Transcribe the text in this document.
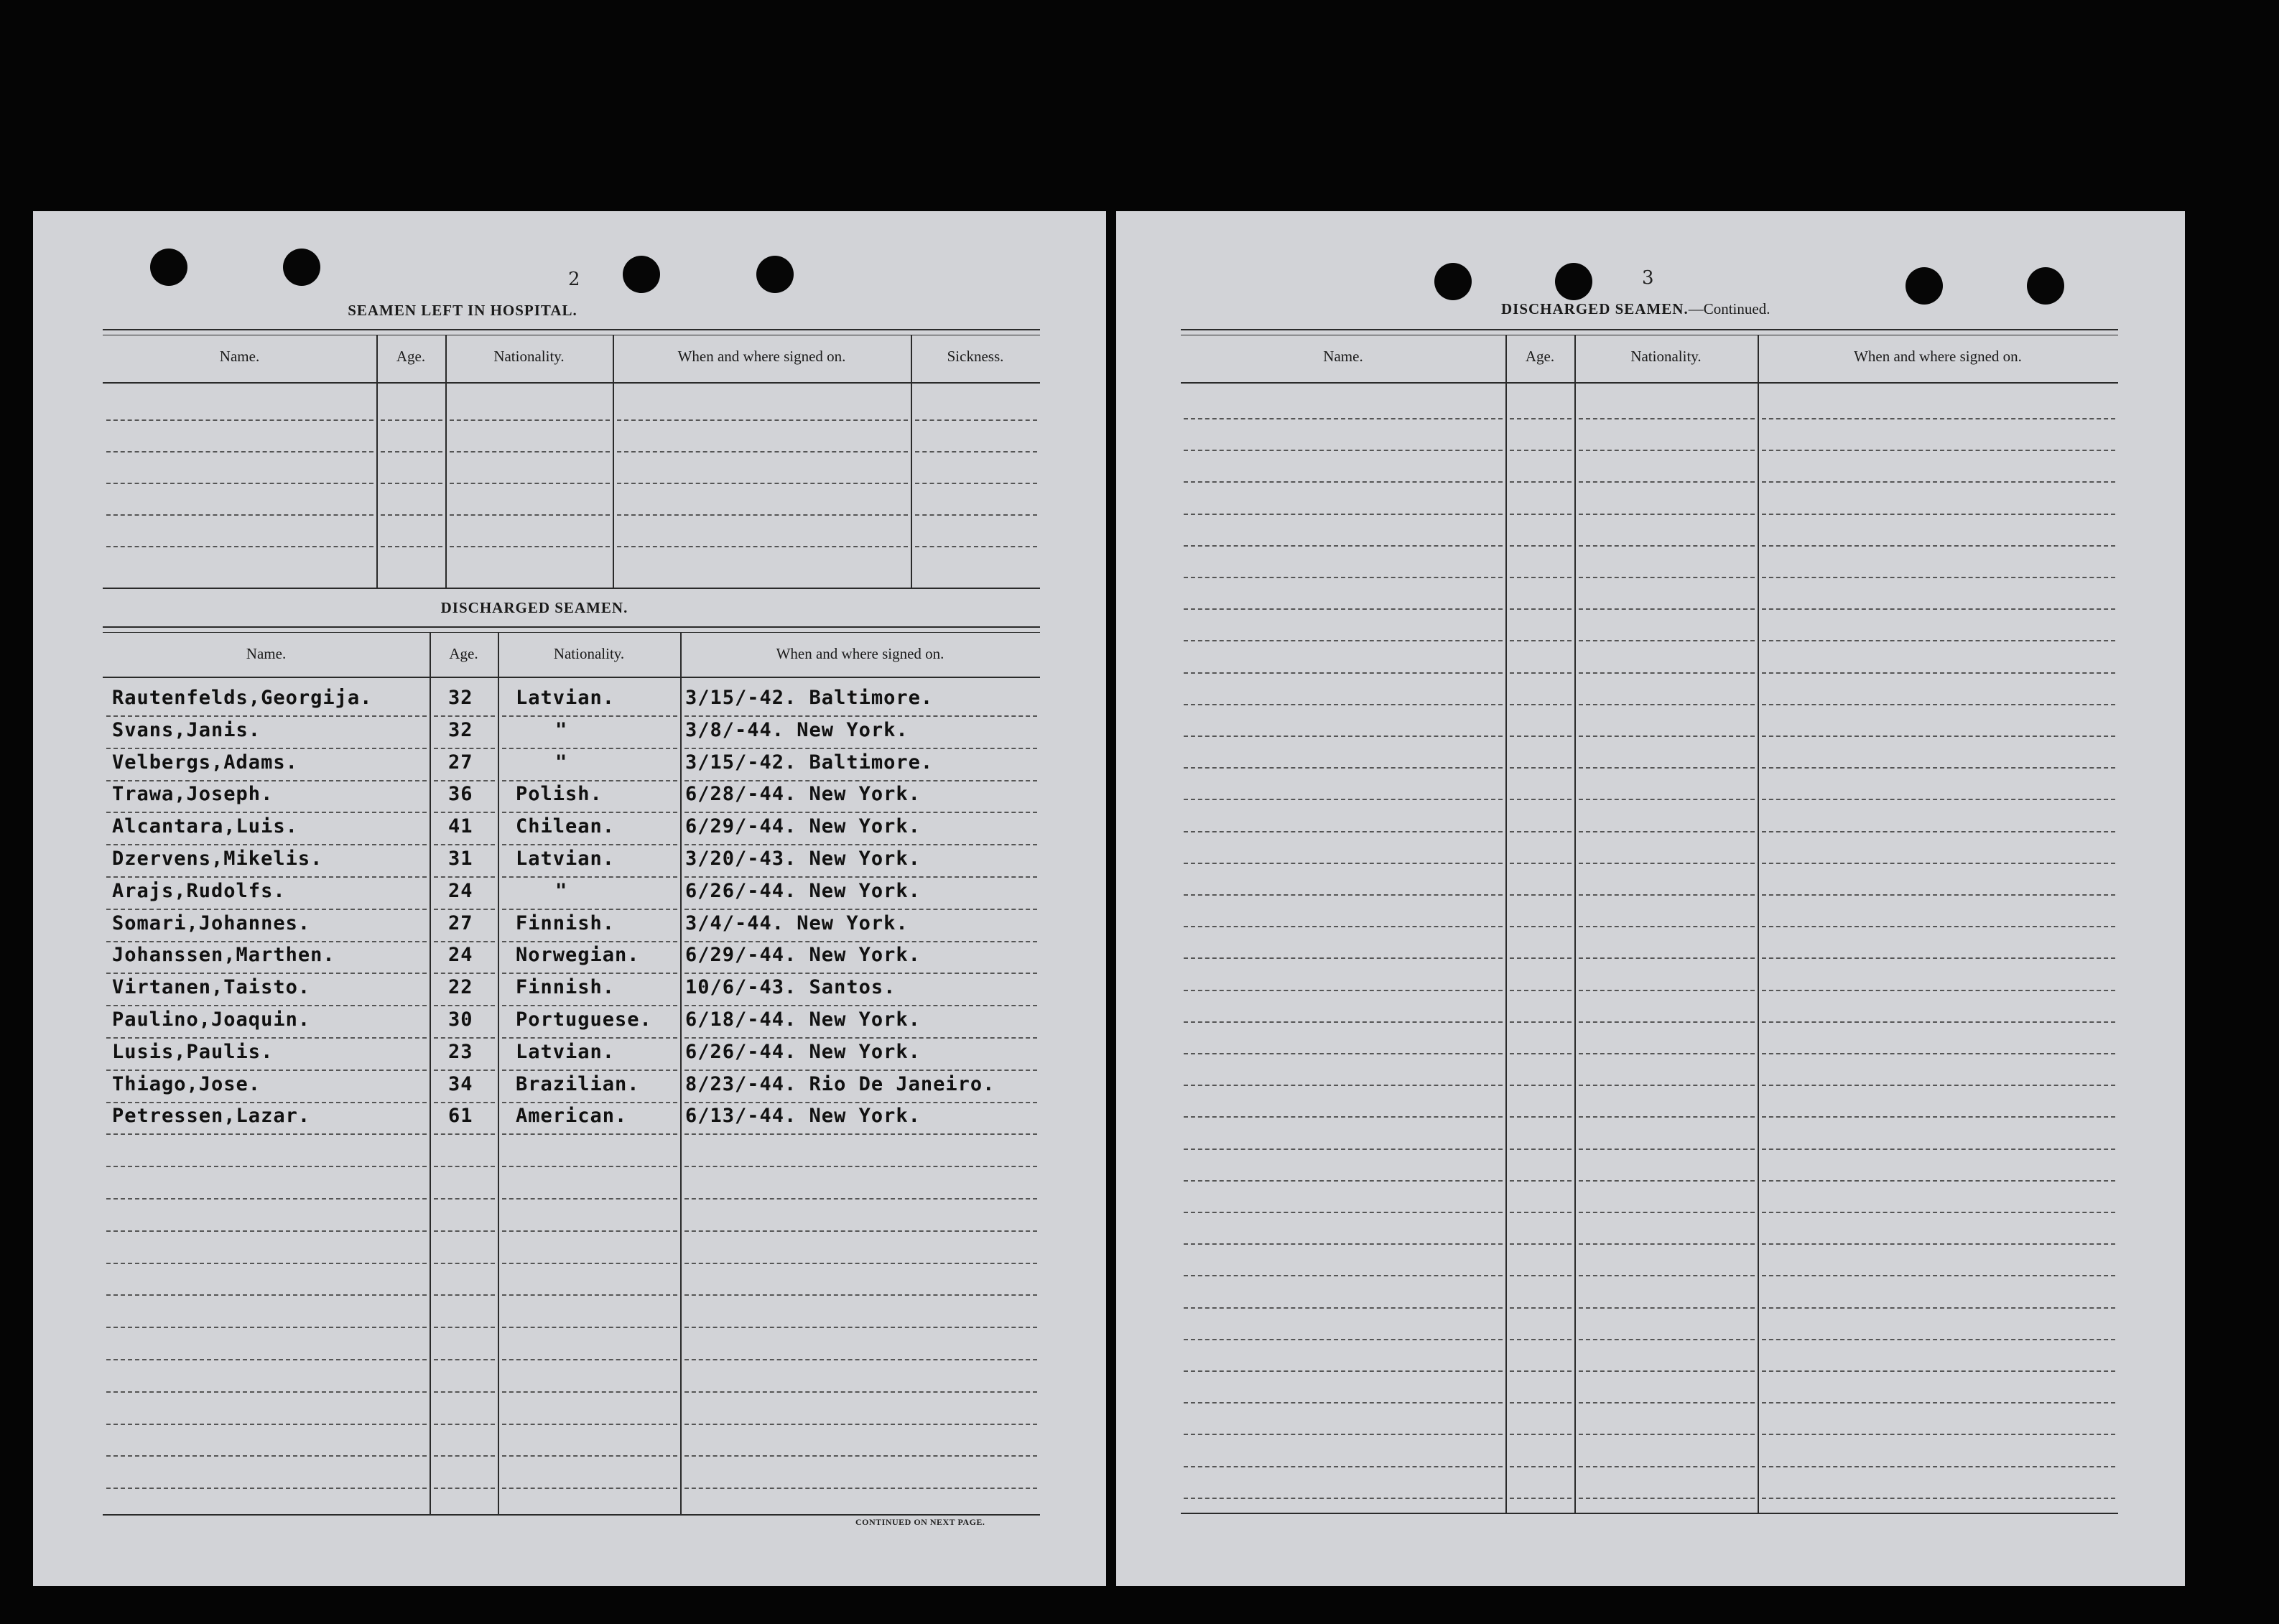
2
SEAMEN LEFT IN HOSPITAL.
Name.	Age.	Nationality.	When and where signed on.	Sickness.
DISCHARGED SEAMEN.
Name.	Age.	Nationality.	When and where signed on.
Rautenfelds,Georgija.	32 Latvian.	3/15/-42. Baltimore.
Svans,Janis.	32	"	3/8/-44. New York.
Velbergs,Adams.	27	"	3/15/-42. Baltimore.
Trawa,Joseph.	36 Polish.	6/28/-44. New York.
Alcantara,Luis.	41 Chilean.	6/29/-44. New York.
Dzervens,Mikelis.	31 Latvian.	3/20/-43. New York.
Arajs,Rudolfs.	24	"	6/26/-44. New York.
Somari,Johannes.	27 Finnish.	3/4/-44. New York.
Johanssen,Marthen.	24 Norwegian. 6/29/-44. New York.
Virtanen,Taisto.	22 Finnish.	10/6/-43. Santos.
Paulino,Joaquin.	30 Portuguese. 6/18/-44. New York.
Lusis,Paulis.	23 Latvian.	6/26/-44. New York.
Thiago,Jose.	34 Brazilian. 8/23/-44. Rio De Janeiro.
Petressen,Lazar.	61 American.	6/13/-44. New York.
CONTINUED ON NEXT PAGE.
3
DISCHARGED SEAMEN.—Continued.
Name.	Age.	Nationality.	When and where signed on.
